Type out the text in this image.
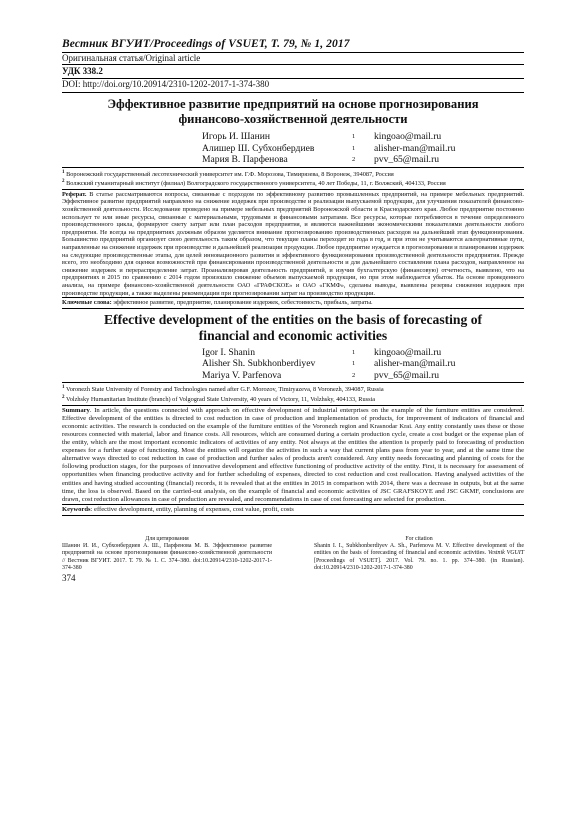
Вестник ВГУИТ/Proceedings of VSUET, Т. 79, № 1, 2017
Оригинальная статья/Original article
УДК 338.2
DOI: http://doi.org/10.20914/2310-1202-2017-1-374-380
Эффективное развитие предприятий на основе прогнозирования
финансово-хозяйственной деятельности
Игорь И. Шанин	1	kingoao@mail.ru
Алишер Ш. Субхонбердиев	1	alisher-man@mail.ru
Мария В. Парфенова	2	pvv_65@mail.ru
$^1$ Воронежский государственный лесотехнический университет им. Г.Ф. Морозова, Тимирязева, 8 Воронеж, 394087, Россия
$^2$ Волжский гуманитарный институт (филиал) Волгоградского государственного университета, 40 лет Победы, 11, г. Волжский, 404133, Россия
Реферат. В статье рассматриваются вопросы, связанные с подходом по эффективному развитию промышленных предприятий, на примере мебельных предприятий. Эффективное развитие предприятий направлено на снижение издержек при производстве и реализации выпускаемой продукции, для улучшения показателей финансово-хозяйственной деятельности. Исследование проведено на примере мебельных предприятий Воронежской области и Краснодарского края. Любое предприятие постоянно использует те или иные ресурсы, связанные с материальными, трудовыми и финансовыми затратами. Все ресурсы, которые потребляются в течение определенного производственного цикла, формируют смету затрат или план расходов предприятия, и являются важнейшими экономическими показателями деятельности любого предприятия. Не всегда на предприятиях должным образом уделяется внимание прогнозированию производственных расходов на дальнейший этап функционирования. Большинство предприятий организует свою деятельность таким образом, что текущие планы переходят из года в год, и при этом не учитываются альтернативные пути, направленные на снижение издержек при производстве и дальнейшей реализации продукции. Любое предприятие нуждается в прогнозировании и планировании издержек на следующие производственные этапы, для целей инновационного развития и эффективного функционирования производственной деятельности предприятия. Прежде всего, это необходимо для оценки возможностей при финансировании производственной деятельности и для дальнейшего составления плана расходов, направленное на снижение издержек и перераспределение затрат. Проанализировав деятельность предприятий, и изучив бухгалтерскую (финансовую) отчетность, выявлено, что на предприятиях в 2015 по сравнению с 2014 годом произошло снижение объемов выпускаемой продукции, но при этом наблюдается убыток. На основе проведенного анализа, на примере финансово-хозяйственной деятельности ОАО «ГРАФСКОЕ» и ОАО «ГКМФ», сделаны выводы, выявлены резервы снижения издержек при производстве продукции, а также выделены рекомендации при прогнозировании затрат на производство продукции.
Ключевые слова: эффективное развитие, предприятие, планирование издержек, себестоимость, прибыль, затраты.
Effective development of the entities on the basis of forecasting of
financial and economic activities
Igor I. Shanin	1	kingoao@mail.ru
Alisher Sh. Subkhonberdiyev	1	alisher-man@mail.ru
Mariya V. Parfenova	2	pvv_65@mail.ru
$^1$ Voronezh State University of Forestry and Technologies named after G.F. Morozov, Timiryazeva, 8 Voronezh, 394087, Russia
$^2$ Volzhsky Humanitarian Institute (branch) of Volgograd State University, 40 years of Victory, 11, Volzhsky, 404133, Russia
Summary. In article, the questions connected with approach on effective development of industrial enterprises on the example of the furniture entities are considered. Effective development of the entities is directed to cost reduction in case of production and implementation of products, for improvement of indicators of financial and economic activities. The research is conducted on the example of the furniture entities of the Voronezh region and Krasnodar Krai. Any entity constantly uses these or those resources connected with material, labor and finance costs. All resources, which are consumed during a certain production cycle, create a cost budget or the expense plan of the entity, which are the most important economic indicators of activities of any entity. Not always at the entities the attention is properly paid to forecasting of production expenses for a further stage of functioning. Most the entities will organize the activities in such a way that current plans pass from year to year, and at the same time the alternative ways directed to cost reduction in case of production and further sales of products aren't considered. Any entity needs forecasting and planning of costs for the following production stages, for the purposes of innovative development and effective functioning of productive activity of the entity. First, it is necessary for assessment of opportunities when financing productive activity and for further scheduling of expenses, directed to cost reduction and cost reallocation. Having analysed activities of the entities and having studied accounting (financial) records, it is revealed that at the entities in 2015 in comparison with 2014, there was a decrease in outputs, but at the same time, the loss is observed. Based on the carried-out analysis, on the example of financial and economic activities of JSC GRAFSKOYE and JSC GKMF, conclusions are drawn, cost reduction allowances in case of production are revealed, and recommendations in case of cost forecasting are selected for production.
Keywords: effective development, entity, planning of expenses, cost value, profit, costs
Для цитирования
Шанин И. И., Субхонбердиев А. Ш., Парфенова М. В. Эффективное развитие предприятий на основе прогнозирования финансово-хозяйственной деятельности // Вестник ВГУИТ. 2017. Т. 79. № 1. С. 374–380. doi:10.20914/2310-1202-2017-1-374-380
For citation
Shanin I. I., Subkhonberdiyev A. Sh., Parfenova M. V. Effective development of the entities on the basis of forecasting of financial and economic activities. Vestnik VGUIT [Proceedings of VSUET]. 2017. Vol. 79. no. 1. pp. 374–380. (in Russian). doi:10.20914/2310-1202-2017-1-374-380
374
